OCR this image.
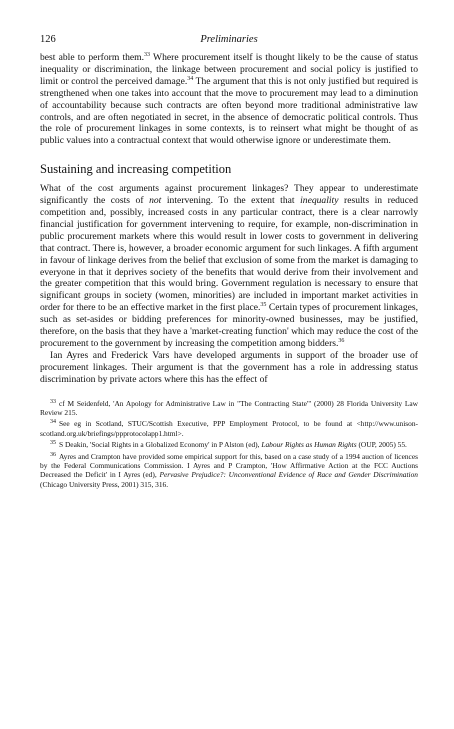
126	Preliminaries

best able to perform them.$^{33}$ Where procurement itself is thought likely to be the cause of status inequality or discrimination, the linkage between procurement and social policy is justified to limit or control the perceived damage.$^{34}$ The argument that this is not only justified but required is strengthened when one takes into account that the move to procurement may lead to a diminution of accountability because such contracts are often beyond more traditional administrative law controls, and are often negotiated in secret, in the absence of democratic political controls. Thus the role of procurement linkages in some contexts, is to reinsert what might be thought of as public values into a contractual context that would otherwise ignore or underestimate them.

Sustaining and increasing competition

What of the cost arguments against procurement linkages? They appear to underestimate significantly the costs of not intervening. To the extent that inequality results in reduced competition and, possibly, increased costs in any particular contract, there is a clear narrowly financial justification for government intervening to require, for example, non-discrimination in public procurement markets where this would result in lower costs to government in delivering that contract. There is, however, a broader economic argument for such linkages. A fifth argument in favour of linkage derives from the belief that exclusion of some from the market is damaging to everyone in that it deprives society of the benefits that would derive from their involvement and the greater competition that this would bring. Government regulation is necessary to ensure that significant groups in society (women, minorities) are included in important market activities in order for there to be an effective market in the first place.$^{35}$ Certain types of procurement linkages, such as set-asides or bidding preferences for minority-owned businesses, may be justified, therefore, on the basis that they have a 'market-creating function' which may reduce the cost of the procurement to the government by increasing the competition among bidders.$^{36}$

Ian Ayres and Frederick Vars have developed arguments in support of the broader use of procurement linkages. Their argument is that the government has a role in addressing status discrimination by private actors where this has the effect of

$^{33}$ cf M Seidenfeld, 'An Apology for Administrative Law in "The Contracting State"' (2000) 28 Florida University Law Review 215.

$^{34}$ See eg in Scotland, STUC/Scottish Executive, PPP Employment Protocol, to be found at <http://www.unison-scotland.org.uk/briefings/ppprotocolapp1.html>.

$^{35}$ S Deakin, 'Social Rights in a Globalized Economy' in P Alston (ed), Labour Rights as Human Rights (OUP, 2005) 55.

$^{36}$ Ayres and Crampton have provided some empirical support for this, based on a case study of a 1994 auction of licences by the Federal Communications Commission. I Ayres and P Crampton, 'How Affirmative Action at the FCC Auctions Decreased the Deficit' in I Ayres (ed), Pervasive Prejudice?: Unconventional Evidence of Race and Gender Discrimination (Chicago University Press, 2001) 315, 316.
